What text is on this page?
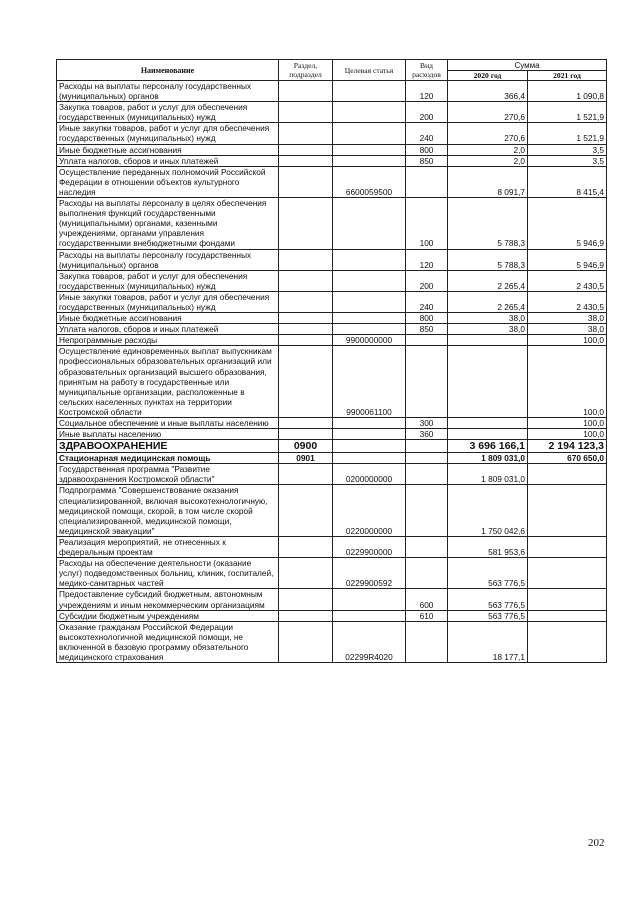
Наименование	Раздел, подраздел	Целевая статья	Вид расходов	Сумма	
				2020 год	2021 год
Расходы на выплаты персоналу государственных (муниципальных) органов			120	366,4	1 090,8
Закупка товаров, работ и услуг для обеспечения государственных (муниципальных) нужд			200	270,6	1 521,9
Иные закупки товаров, работ и услуг для обеспечения государственных (муниципальных) нужд			240	270,6	1 521,9
Иные бюджетные ассигнования			800	2,0	3,5
Уплата налогов, сборов и иных платежей			850	2,0	3,5
Осуществление переданных полномочий Российской Федерации в отношении объектов культурного наследия		6600059500		8 091,7	8 415,4
Расходы на выплаты персоналу в целях обеспечения выполнения функций государственными (муниципальными) органами, казенными учреждениями, органами управления государственными внебюджетными фондами			100	5 788,3	5 946,9
Расходы на выплаты персоналу государственных (муниципальных) органов			120	5 788,3	5 946,9
Закупка товаров, работ и услуг для обеспечения государственных (муниципальных) нужд			200	2 265,4	2 430,5
Иные закупки товаров, работ и услуг для обеспечения государственных (муниципальных) нужд			240	2 265,4	2 430,5
Иные бюджетные ассигнования			800	38,0	38,0
Уплата налогов, сборов и иных платежей			850	38,0	38,0
Непрограммные расходы		9900000000			100,0
Осуществление единовременных выплат выпускникам профессиональных образовательных организаций или образовательных организаций высшего образования, принятым на работу в государственные или муниципальные организации, расположенные в сельских населенных пунктах на территории Костромской области		9900061100			100,0
Социальное обеспечение и иные выплаты населению			300		100,0
Иные выплаты населению			360		100,0
ЗДРАВООХРАНЕНИЕ	0900			3 696 166,1	2 194 123,3
Стационарная медицинская помощь	0901			1 809 031,0	670 650,0
Государственная программа "Развитие здравоохранения Костромской области"		0200000000		1 809 031,0	
Подпрограмма "Совершенствование оказания специализированной, включая высокотехнологичную, медицинской помощи, скорой, в том числе скорой специализированной, медицинской помощи, медицинской эвакуации"		0220000000		1 750 042,6	
Реализация мероприятий, не отнесенных к федеральным проектам		0229900000		581 953,6	
Расходы на обеспечение деятельности (оказание услуг) подведомственных больниц, клиник, госпиталей, медико-санитарных частей		0229900592		563 776,5	
Предоставление субсидий бюджетным, автономным учреждениям и иным некоммерческим организациям			600	563 776,5	
Субсидии бюджетным учреждениям			610	563 776,5	
Оказание гражданам Российской Федерации высокотехнологичной медицинской помощи, не включенной в базовую программу обязательного медицинского страхования		02299R4020		18 177,1	
202
